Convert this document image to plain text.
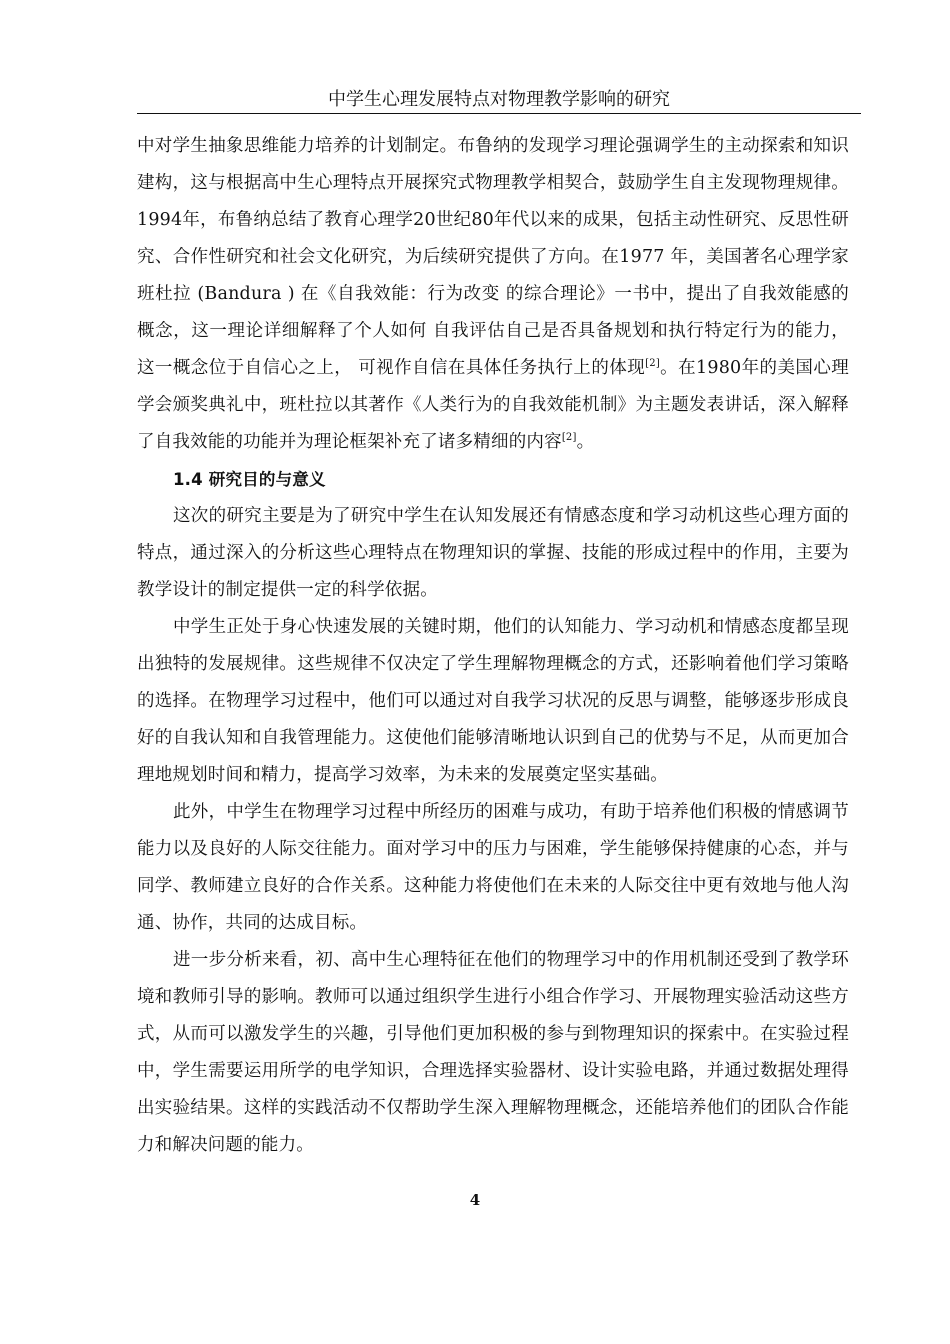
中学生心理发展特点对物理教学影响的研究

中对学生抽象思维能力培养的计划制定。布鲁纳的发现学习理论强调学生的主动探索和知识建构，这与根据高中生心理特点开展探究式物理教学相契合，鼓励学生自主发现物理规律。1994年，布鲁纳总结了教育心理学20世纪80年代以来的成果，包括主动性研究、反思性研究、合作性研究和社会文化研究，为后续研究提供了方向。在1977 年，美国著名心理学家班杜拉 (Bandura ) 在《自我效能：行为改变 的综合理论》一书中，提出了自我效能感的概念，这一理论详细解释了个人如何 自我评估自己是否具备规划和执行特定行为的能力，这一概念位于自信心之上， 可视作自信在具体任务执行上的体现[2]。在1980年的美国心理学会颁奖典礼中，班杜拉以其著作《人类行为的自我效能机制》为主题发表讲话，深入解释了自我效能的功能并为理论框架补充了诸多精细的内容[2]。

1.4 研究目的与意义

这次的研究主要是为了研究中学生在认知发展还有情感态度和学习动机这些心理方面的特点，通过深入的分析这些心理特点在物理知识的掌握、技能的形成过程中的作用，主要为教学设计的制定提供一定的科学依据。

中学生正处于身心快速发展的关键时期，他们的认知能力、学习动机和情感态度都呈现出独特的发展规律。这些规律不仅决定了学生理解物理概念的方式，还影响着他们学习策略的选择。在物理学习过程中，他们可以通过对自我学习状况的反思与调整，能够逐步形成良好的自我认知和自我管理能力。这使他们能够清晰地认识到自己的优势与不足，从而更加合理地规划时间和精力，提高学习效率，为未来的发展奠定坚实基础。

此外，中学生在物理学习过程中所经历的困难与成功，有助于培养他们积极的情感调节能力以及良好的人际交往能力。面对学习中的压力与困难，学生能够保持健康的心态，并与同学、教师建立良好的合作关系。这种能力将使他们在未来的人际交往中更有效地与他人沟通、协作，共同的达成目标。

进一步分析来看，初、高中生心理特征在他们的物理学习中的作用机制还受到了教学环境和教师引导的影响。教师可以通过组织学生进行小组合作学习、开展物理实验活动这些方式，从而可以激发学生的兴趣，引导他们更加积极的参与到物理知识的探索中。在实验过程中，学生需要运用所学的电学知识，合理选择实验器材、设计实验电路，并通过数据处理得出实验结果。这样的实践活动不仅帮助学生深入理解物理概念，还能培养他们的团队合作能力和解决问题的能力。

4
